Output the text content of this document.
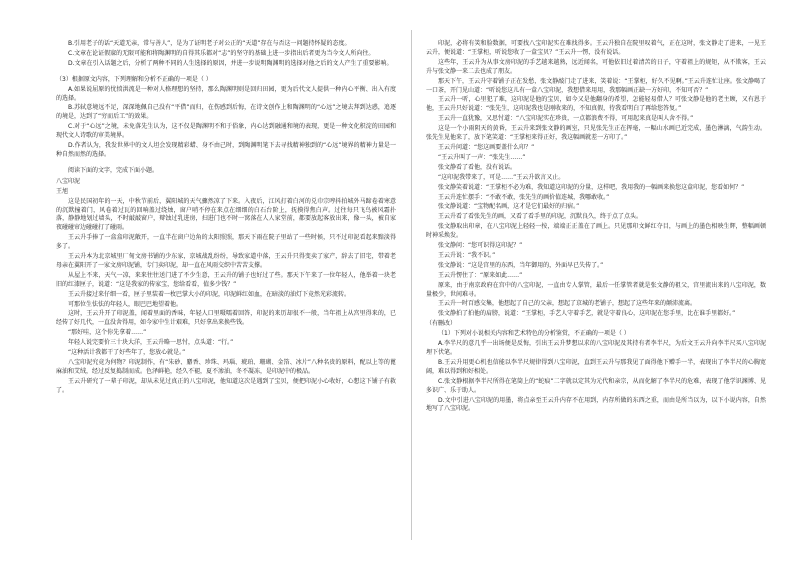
B.引用老子的话“天道无亲，常与善人”，是为了证明老子对公正的“天道”存在与否这一问题持怀疑的态度。

C.文章在论证假寐的无限可能和将陶渊明的自得其乐都对“志”的坚守的基础上进一步指出后者更为当今文人所向往。

D.文章在引入话题之后，分析了两种不同的人生选择的原因，并进一步说明陶渊明的选择对他之后的文人产生了重要影响。

（3）根据原文内容，下列理解和分析不正确的一项是（ ）

A.如果说屈原的忧愤洪流是一种对人格理想的坚持，那么陶渊明则是回归田园，更为后代文人提供一种内心平衡、出入有度的选择。

B.苏轼意境远不足，深深地佩自己没有“平借”而归，在伤感到后悔，在诗文创作上和陶渊明的“心远”之境去拜到达惑，追逐的境是，达到了“穷而后工”的效果。

C.对于“心远”之境，未免落先生认为，这不仅是陶渊明不和于俗象，内心达到融通和境的表现，更是一种文化积淀的田园和现代文人诗歌的审美境界。

D.作者认为，我发世界中的文人坦会发现精彩蜡、身不由己时，到陶渊明笔下去寻找精神独到的“心远”境界的精神力量是一种自然而然的选择。

阅读下面的文字，完成下面小题。

八宝印泥

王旭

这是民国初年的一天，中秋节前后，翼阳城的天气骤然凉了下来。入夜后，江风打着白河的兑巾宗哼抖拍城外马蹄卷着寒意的沉默撞着门，风卷着过瓦的回响盖过绕烛，窗户哨不停在来点在细细的白石台阶上，抚摸得焦白声。过往每只飞鸟被风霜扑落，静静地划过墙头，不时敲敲窗户，辩蚀过乳进房，扫进门也不时一窝落在人人家堂前，都要放起客放出来，像一头，被自家夜碰碰帘边碰碰打了碰雨。

王云升手捧了一盒盒印泥敞开，一直半在窗户边角的太阳照照，那天下雨在院子里站了一些时候，只不过印泥看起来黯淡得多了。

王云升本为北京城里厂甸文房书铺的少东家，京城战乱纷纷，导致家道中落，王云升只得变卖了家产，辞去了旧宅，带着老母亲在翼阳开了一家文房印泥铺，专门卖印泥，却一直在风雨交织中苦苦支撑。

从屋上不来，天气一凉，来来往往送门进了不少生意，王云升的铺子也好过了些。那天下午来了一位年轻人，他举着一块老旧的红漆匣子，说道：“这是我家的传家宝，您给看看，值多少钱？”

王云升接过来仔细一看，匣子里装着一枚巴掌大小的印泥，印泥鲜红如血，在暗淡的油灯下竟然光彩流转。

可那位生怯怯的年轻人，眼巴巴地望着他。

这时，王云升开了印泥盖，闻着里面的香味，年轻人口里嗫嚅着回答，印泥的来历却很不一般，当年祖上从宫里得来的，已经传了好几代，一直没舍得用，如今家中生计艰难，只好拿出来换些钱。

“那好哇，这个你先拿着……”

年轻人说完要价三十块大洋，王云升略一思忖，点头道：“行。”

“这种活计我都干了好些年了，您放心就是。”

八宝印泥究竟为何物？印泥制作，有“朱砂、麝香、珍珠、玛瑙、琥珀、珊瑚、金箔、冰片”八种名贵的原料，配以上等的蓖麻油和艾绒，经过反复捣制而成。色泽鲜艳，经久不褪，夏不渗油，冬不凝冻，是印泥中的极品。

王云升研究了一辈子印泥，却从未见过真正的八宝印泥，他知道这次是遇到了宝贝，便把印泥小心收好，心想这下铺子有救了。

印泥，必将有笑和脸数据，可要找八宝印泥实在难找得多。王云升独自在院里叹着气，正在这时，张文静走了进来，一见王云升，便说道：“王掌柜，听说您收了一盒宝贝？”王云升一愣，没有说话。

这些年，王云升为从事文房印泥的手艺越来越熟，远近闻名，可他依旧过着清苦的日子，守着祖上的规矩，从不欺客，王云升与张文静一来二去也成了朋友。

那天下午，王云升守着铺子正在发愁，张文静敲门走了进来，笑着说：“王掌柜，好久不见啊。”王云升连忙让座。张文静喝了一口茶，开门见山道：“听说您这儿有一盒八宝印泥，我想借来用用，我那幅画正缺一方好印，不知可否？”

王云升一听，心里犯了难，这印泥是他的宝贝，如今又是他翻身的希望，怎能轻易借人？可张文静是他的老主顾，又有恩于他，王云升只好说道：“张先生，这印泥我也是刚收来的，不知真假，待我看明白了再给您答复。”

王云升一直犹豫，又思忖道：“八宝印泥实在珍贵，一点都浪费不得，可用起来真是叫人舍不得。”

这是一个小雨阴天的黄昏，王云升来到张文静的画室，只见张先生正在挥毫，一幅山水画已近完成，墨色淋漓，气韵生动。张先生见他来了，放下笔笑道：“王掌柜来得正好，我这幅画就差一方印了。”

王云升问道：“您这画要盖什么印？”

“王云升叫了一声：“张先生……”

张文静看了看他，没有说话。

“这印泥我带来了，可是……”王云升欲言又止。

张文静笑着说道：“王掌柜不必为难，我知道这印泥的分量，这样吧，我用我的一幅画来换您这盒印泥，您看如何？”

王云升连忙摆手：“不敢不敢，张先生的画价值连城，我哪敢收。”

张文静说道：“宝物配名画，这才是它们最好的归宿。”

王云升看了看张先生的画，又看了看手里的印泥，沉默良久，终于点了点头。

张文静取出印章，在八宝印泥上轻轻一按，端端正正盖在了画上。只见那印文鲜红夺目，与画上的墨色相映生辉，整幅画顿时神采焕发。

张文静问：“您可识得这印泥？”

王云升说：“我不识。”

张文静说：“这是宫里的东西，当年御用的，外面早已失传了。”

王云升愣住了：“原来如此……”

原来，由于南京政府在宫中的八宝印泥，一直由专人掌管，最后一任掌管者就是张文静的祖父，宫里流出来的八宝印泥，数量极少，世间难寻。

王云升一时百感交集，他想起了自己的父亲，想起了京城的老铺子，想起了这些年来的颠沛流离。

张文静拍了拍他的肩膀，说道：“王掌柜，手艺人守着手艺，就是守着良心，这印泥在您手里，比在谁手里都好。”

（有删改）

（1）下列对小说相关内容和艺术特色的分析鉴赏，不正确的一项是（ ）

A.李半尺的意几乎一出场便是反悔，引出王云升梦想以求的八宝印泥及其持有者李半尺，为后文王云升向李半尺买八宝印泥埋下伏笔。

B.王云升用更心机也信能以李半尺规律得到八宝印泥，直到王云升与那我见了面得他下赠手一半，表现出了李半尺的心胸宽阔，难以得到和好相处。

C.张文静根据李半尺所得在笔筒上的“蛇痕”二字就以定其为元代和亲宗，从而化解了李半尺的危难，表现了他学识渊博、见多识广、乐于助人。

D.文中引进八宝印泥的用墨，将点亲至王云升内存不在用到，内存所做的东西之重，而由是所当以为，以下小说内容，自然地写了八宝印泥。
